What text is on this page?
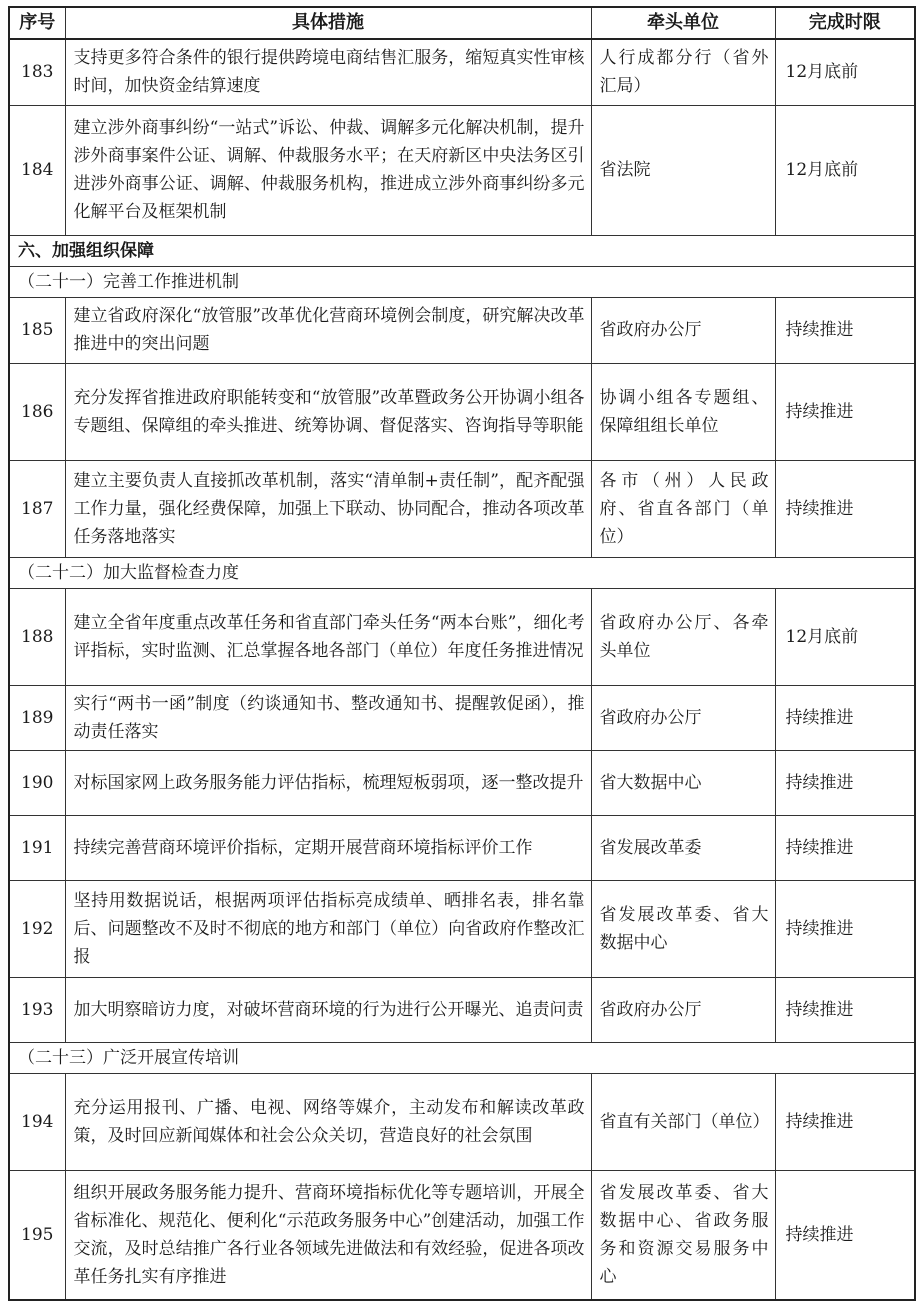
序号	具体措施	牵头单位	完成时限
183	支持更多符合条件的银行提供跨境电商结售汇服务，缩短真实性审核时间，加快资金结算速度	人行成都分行（省外汇局）	12月底前
184	建立涉外商事纠纷“一站式”诉讼、仲裁、调解多元化解决机制，提升涉外商事案件公证、调解、仲裁服务水平；在天府新区中央法务区引进涉外商事公证、调解、仲裁服务机构，推进成立涉外商事纠纷多元化解平台及框架机制	省法院	12月底前
六、加强组织保障			
（二十一）完善工作推进机制			
185	建立省政府深化“放管服”改革优化营商环境例会制度，研究解决改革推进中的突出问题	省政府办公厅	持续推进
186	充分发挥省推进政府职能转变和“放管服”改革暨政务公开协调小组各专题组、保障组的牵头推进、统筹协调、督促落实、咨询指导等职能	协调小组各专题组、保障组组长单位	持续推进
187	建立主要负责人直接抓改革机制，落实“清单制+责任制”，配齐配强工作力量，强化经费保障，加强上下联动、协同配合，推动各项改革任务落地落实	各市（州）人民政府、省直各部门（单位）	持续推进
（二十二）加大监督检查力度			
188	建立全省年度重点改革任务和省直部门牵头任务“两本台账”，细化考评指标，实时监测、汇总掌握各地各部门（单位）年度任务推进情况	省政府办公厅、各牵头单位	12月底前
189	实行“两书一函”制度（约谈通知书、整改通知书、提醒敦促函），推动责任落实	省政府办公厅	持续推进
190	对标国家网上政务服务能力评估指标，梳理短板弱项，逐一整改提升	省大数据中心	持续推进
191	持续完善营商环境评价指标，定期开展营商环境指标评价工作	省发展改革委	持续推进
192	坚持用数据说话，根据两项评估指标亮成绩单、晒排名表，排名靠后、问题整改不及时不彻底的地方和部门（单位）向省政府作整改汇报	省发展改革委、省大数据中心	持续推进
193	加大明察暗访力度，对破坏营商环境的行为进行公开曝光、追责问责	省政府办公厅	持续推进
（二十三）广泛开展宣传培训			
194	充分运用报刊、广播、电视、网络等媒介，主动发布和解读改革政策，及时回应新闻媒体和社会公众关切，营造良好的社会氛围	省直有关部门（单位）	持续推进
195	组织开展政务服务能力提升、营商环境指标优化等专题培训，开展全省标准化、规范化、便利化“示范政务服务中心”创建活动，加强工作交流，及时总结推广各行业各领域先进做法和有效经验，促进各项改革任务扎实有序推进	省发展改革委、省大数据中心、省政务服务和资源交易服务中心	持续推进
